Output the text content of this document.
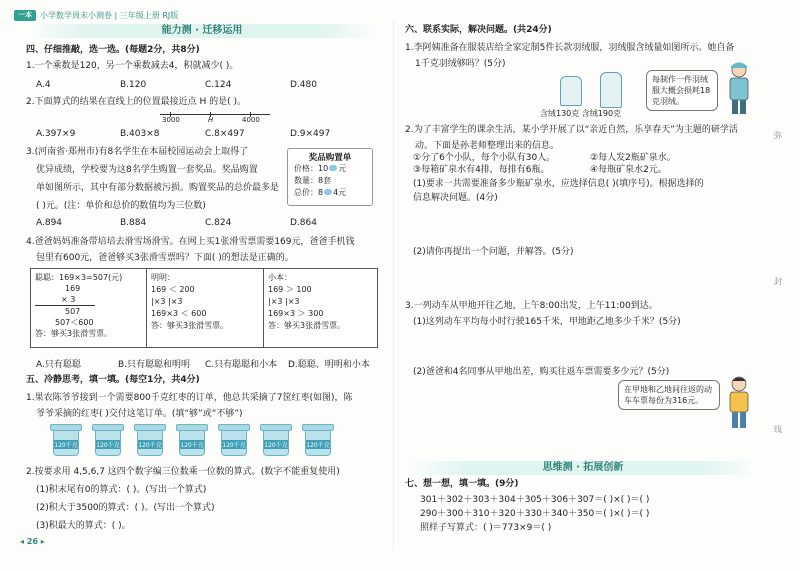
一本	小学数学周末小测卷 | 三年级上册 RJ版
能力测 · 迁移运用
四、仔细推敲，选一选。(每题2分，共8分)
1.一个乘数是120，另一个乘数减去4，积就减少( )。
A.4	B.120	C.124	D.480
2.下面算式的结果在直线上的位置最接近点 H 的是( )。
3000	H	4000
A.397×9	B.403×8	C.8×497	D.9×497
3.(河南省·郑州市)有8名学生在本届校园运动会上取得了
优异成绩，学校要为这8名学生购置一套奖品。奖品购置
单如图所示，其中有部分数据被污损。购置奖品的总价最多是
( )元。(注：单价和总价的数值均为三位数)
奖品购置单
价格：10 元
数量：8套
总价：8 4元
A.894	B.884	C.824	D.864
4.爸爸妈妈准备带培培去滑雪场滑雪。在网上买1张滑雪票需要169元，爸爸手机钱
包里有600元，爸爸够买3张滑雪票吗？下面( )的想法是正确的。
聪聪：169×3=507(元)
169
× 3
507
507＜600
答：够买3张滑雪票。
明明：
169 ＜ 200
|×3 |×3
169×3 ＜ 600
答：够买3张滑雪票。
小本：
169 ＞ 100
|×3 |×3
169×3 ＞ 300
答：够买3张滑雪票。
A.只有聪聪	B.只有聪聪和明明 C.只有聪聪和小本 D.聪聪、明明和小本
五、冷静思考，填一填。(每空1分，共4分)
1.果农陈爷爷接到一个需要800千克红枣的订单，他总共采摘了7筐红枣(如图)，陈
爷爷采摘的红枣( )交付这笔订单。(填“够”或“不够”)
120千克	120千克	120千克	120千克	120千克	120千克	120千克
2.按要求用 4,5,6,7 这四个数字编三位数乘一位数的算式。(数字不能重复使用)
(1)积末尾有0的算式：( )。(写出一个算式)
(2)积大于3500的算式：( )。(写出一个算式)
(3)积最大的算式：( )。
◂ 26 ▸
六、联系实际，解决问题。(共24分)
1.李阿姨准备在服装店给全家定制5件长款羽绒服，羽绒服含绒量如图所示。她自备
1千克羽绒够吗？(5分)
含绒130克 含绒190克
每制作一件羽绒服大概会损耗18克羽绒。
2.为了丰富学生的课余生活，某小学开展了以“亲近自然，乐享春天”为主题的研学活
动。下面是孙老师整理出来的信息。
①分了6个小队，每个小队有30人。	②每人发2瓶矿泉水。
③每箱矿泉水有4排，每排有6瓶。	④每瓶矿泉水2元。
(1)要求一共需要准备多少瓶矿泉水，应选择信息( )(填序号)。根据选择的
信息解决问题。(4分)
(2)请你再提出一个问题，并解答。(5分)
3.一列动车从甲地开往乙地，上午8:00出发，上午11:00到达。
(1)这列动车平均每小时行驶165千米，甲地距乙地多少千米？(5分)
(2)爸爸和4名同事从甲地出差，购买往返车票需要多少元？(5分)
在甲地和乙地间往返的动车车票每份为316元。
思维测 · 拓展创新
七、想一想，填一填。(9分)
301＋302＋303＋304＋305＋306＋307＝( )×( )＝( )
290＋300＋310＋320＋330＋340＋350＝( )×( )＝( )
照样子写算式：( )＝773×9＝( )
弥
封
线
